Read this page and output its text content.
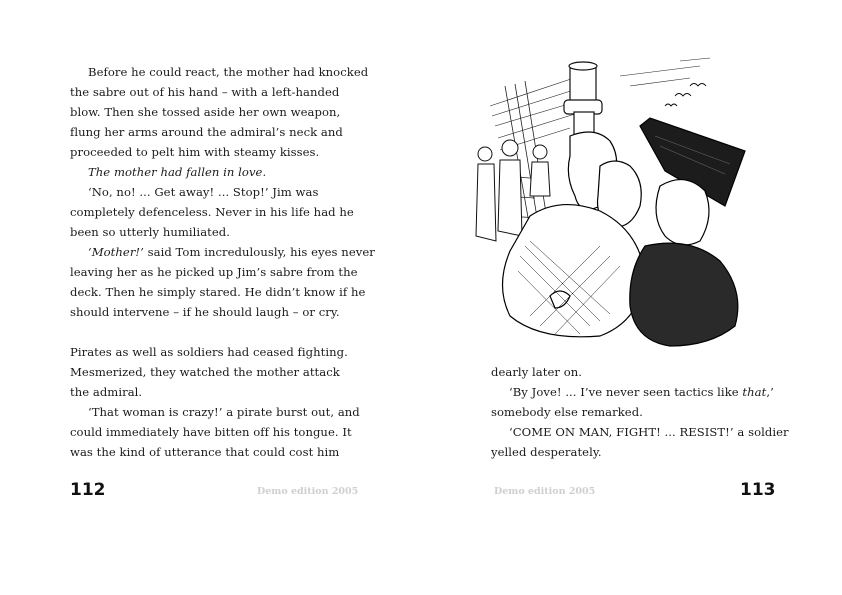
Before he could react, the mother had knocked
the sabre out of his hand – with a left-handed
blow. Then she tossed aside her own weapon,
flung her arms around the admiral’s neck and
proceeded to pelt him with steamy kisses.
The mother had fallen in love.
‘No, no! ... Get away! ... Stop!’ Jim was
completely defenceless. Never in his life had he
been so utterly humiliated.
‘Mother!’ said Tom incredulously, his eyes never
leaving her as he picked up Jim’s sabre from the
deck. Then he simply stared. He didn’t know if he
should intervene – if he should laugh – or cry.
Pirates as well as soldiers had ceased fighting.
Mesmerized, they watched the mother attack
the admiral.
‘That woman is crazy!’ a pirate burst out, and
could immediately have bitten off his tongue. It
was the kind of utterance that could cost him
112	Demo edition 2005
dearly later on.
‘By Jove! ... I’ve never seen tactics like that,’
somebody else remarked.
‘COME ON MAN, FIGHT! ... RESIST!’ a soldier
yelled desperately.
Demo edition 2005	113
